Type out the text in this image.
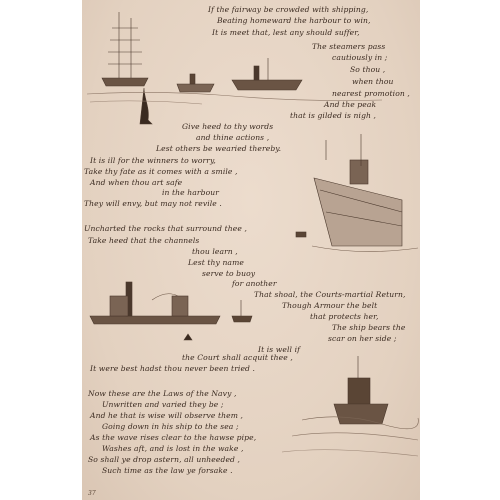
If the fairway be crowded with shipping,
Beating homeward the harbour to win,
It is meet that, lest any should suffer,
The steamers pass
cautiously in ;
So thou ,
when thou
nearest promotion ,
And the peak
that is gilded is nigh ,
Give heed to thy words
and thine actions ,
Lest others be wearied thereby.
It is ill for the winners to worry,
Take thy fate as it comes with a smile ,
And when thou art safe
in the harbour
They will envy, but may not revile .
Uncharted the rocks that surround thee ,
Take heed that the channels
thou learn ,
Lest thy name
serve to buoy
for another
That shoal, the Courts-martial Return,
Though Armour the belt
that protects her,
The ship bears the
scar on her side ;
It is well if
the Court shall acquit thee ,
It were best hadst thou never been tried .
Now these are the Laws of the Navy ,
Unwritten and varied they be ;
And he that is wise will observe them ,
Going down in his ship to the sea ;
As the wave rises clear to the hawse pipe,
Washes aft, and is lost in the wake ,
So shall ye drop astern, all unheeded ,
Such time as the law ye forsake .
37
